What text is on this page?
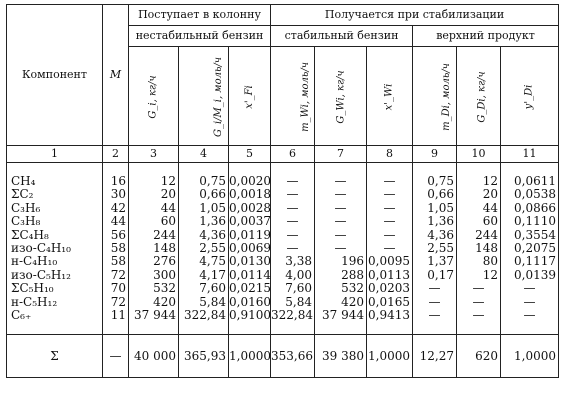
Компонент	M	Поступает в колонну			Получается при стабилизации					
		нестабильный бензин			стабильный бензин			верхний продукт		
		G_i, кг/ч	G_i/M_i, моль/ч	x'_Fi	m_Wi, моль/ч	G_Wi, кг/ч	x'_Wi	m_Di, моль/ч	G_Di, кг/ч	y'_Di
1	2	3	4	5	6	7	8	9	10	11

CH₄	16	12	0,75	0,0020	—	—	—	0,75	12	0,0611
ΣC₂	30	20	0,66	0,0018	—	—	—	0,66	20	0,0538
C₃H₆	42	44	1,05	0,0028	—	—	—	1,05	44	0,0866
C₃H₈	44	60	1,36	0,0037	—	—	—	1,36	60	0,1110
ΣC₄H₈	56	244	4,36	0,0119	—	—	—	4,36	244	0,3554
изо-C₄H₁₀	58	148	2,55	0,0069	—	—	—	2,55	148	0,2075
н-C₄H₁₀	58	276	4,75	0,0130	3,38	196	0,0095	1,37	80	0,1117
изо-C₅H₁₂	72	300	4,17	0,0114	4,00	288	0,0113	0,17	12	0,0139
ΣC₅H₁₀	70	532	7,60	0,0215	7,60	532	0,0203	—	—	—
н-C₅H₁₂	72	420	5,84	0,0160	5,84	420	0,0165	—	—	—
C₆₊	11	37 944	322,84	0,9100	322,84	37 944	0,9413	—	—	—

Σ	—	40 000	365,93	1,0000	353,66	39 380	1,0000	12,27	620	1,0000
